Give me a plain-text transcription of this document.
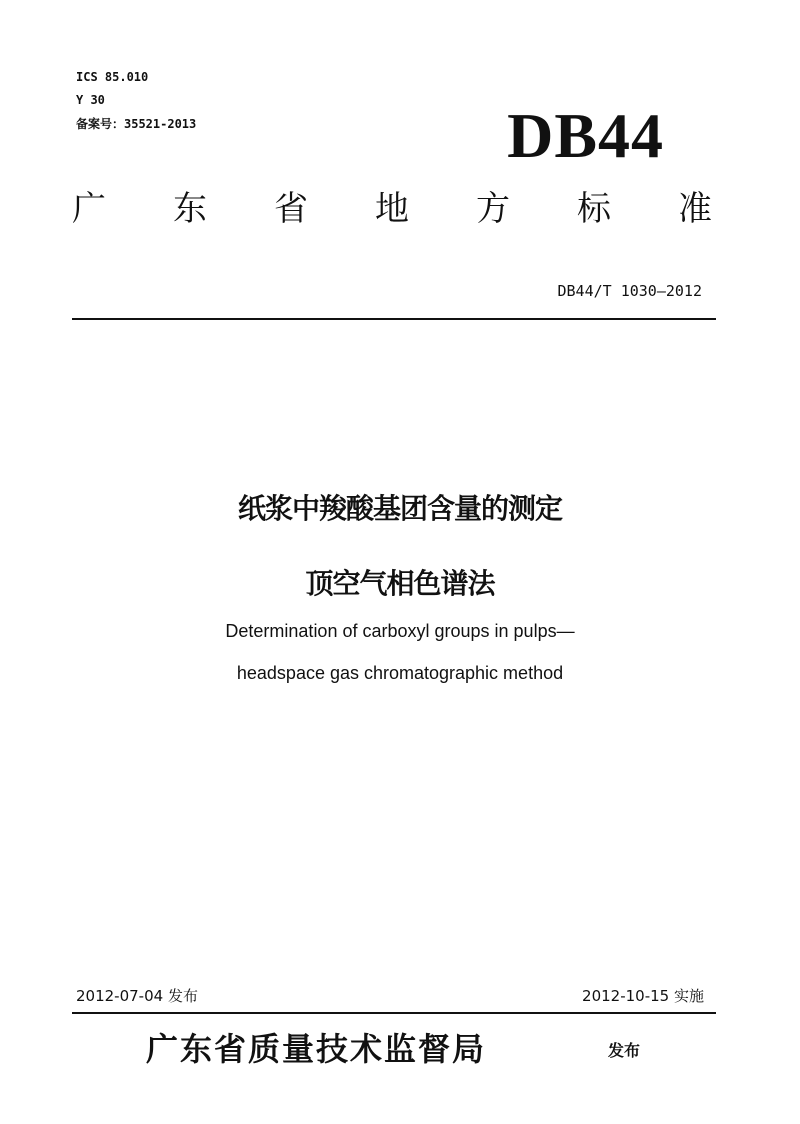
ICS 85.010
Y 30
备案号：35521-2013	DB44
广 东 省 地 方 标 准
DB44/T 1030—2012
纸浆中羧酸基团含量的测定
顶空气相色谱法
Determination of carboxyl groups in pulps—
headspace gas chromatographic method
2012-07-04 发布	2012-10-15 实施
广东省质量技术监督局	发布
